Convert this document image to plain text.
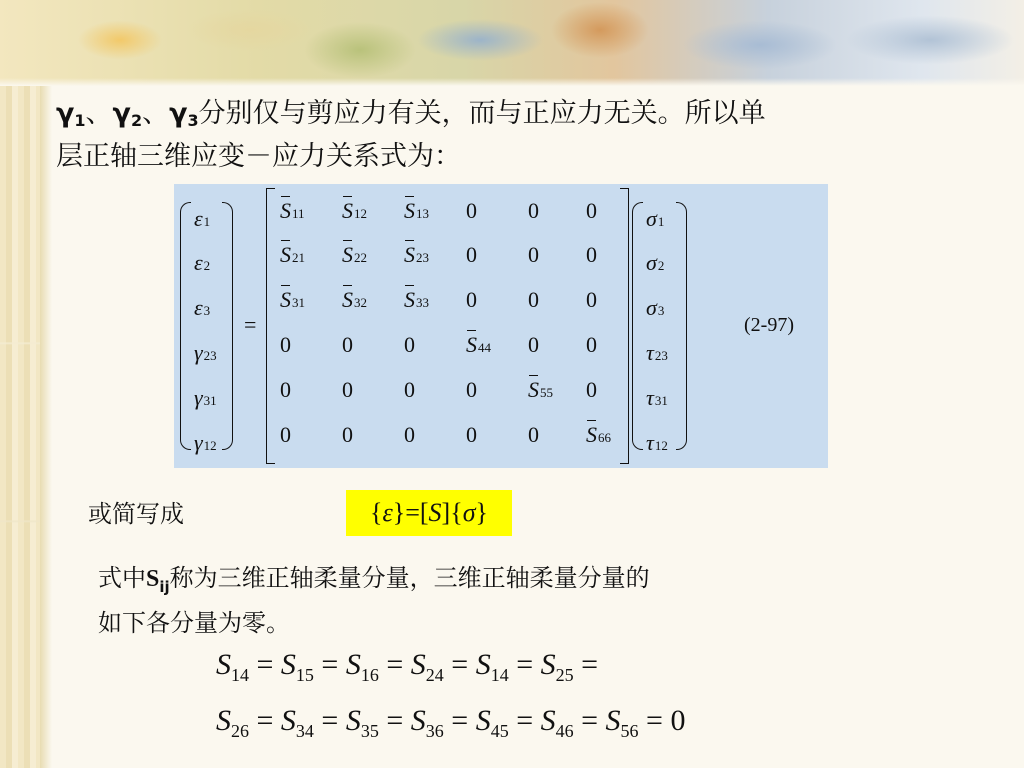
$\gamma_1$、$\gamma_2$、$\gamma_3$分别仅与剪应力有关，而与正应力无关。所以单
层正轴三维应变－应力关系式为：
ε1
ε2
ε3
γ23
γ31
γ12
=
S11 S12 S13 0 0 0
S21 S22 S23 0 0 0
S31 S32 S33 0 0 0
0 0 0 S44 0 0
0 0 0 0 S55 0
0 0 0 0 0 S66
σ1
σ2
σ3
τ23
τ31
τ12
(2-97)
或简写成	{ ε }=[ S ]{ σ }
式中$S_{ij}$称为三维正轴柔量分量，三维正轴柔量分量的
如下各分量为零。
$S_{14} = S_{15} = S_{16} = S_{24} = S_{14} = S_{25}$ =
$S_{26} = S_{34} = S_{35} = S_{36} = S_{45} = S_{46} = S_{56} = 0$
